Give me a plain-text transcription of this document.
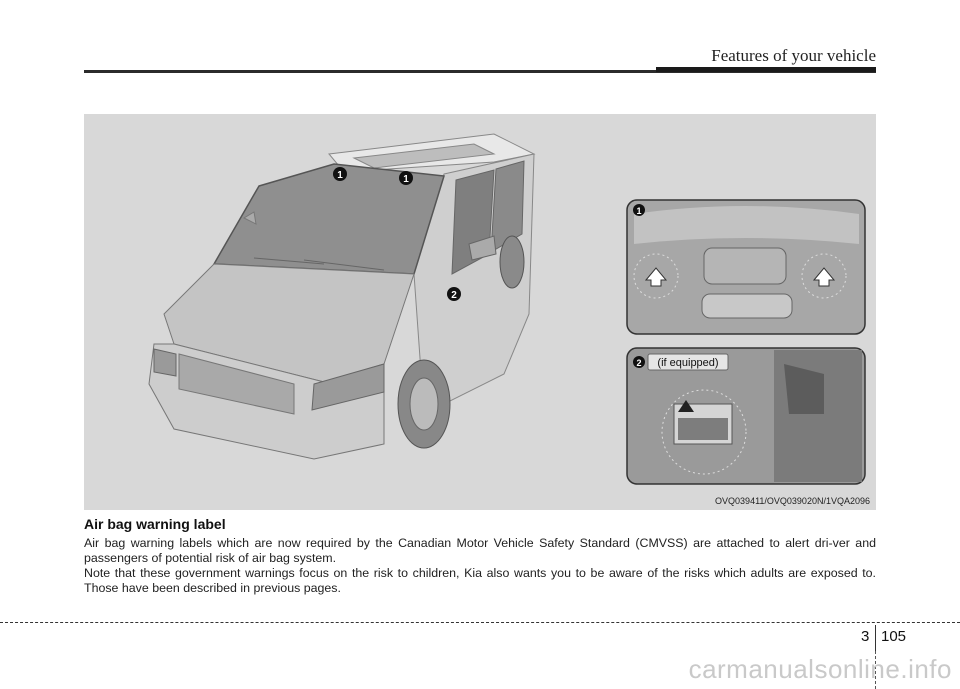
Features of your vehicle
1	1
2
1
2 (if equipped)
OVQ039411/OVQ039020N/1VQA2096
Air bag warning label

Air bag warning labels which are now required by the Canadian Motor Vehicle Safety Standard (CMVSS) are attached to alert dri-ver and passengers of potential risk of air bag system.

Note that these government warnings focus on the risk to children, Kia also wants you to be aware of the risks which adults are exposed to. Those have been described in previous pages.

3 105
carmanualsonline.info
